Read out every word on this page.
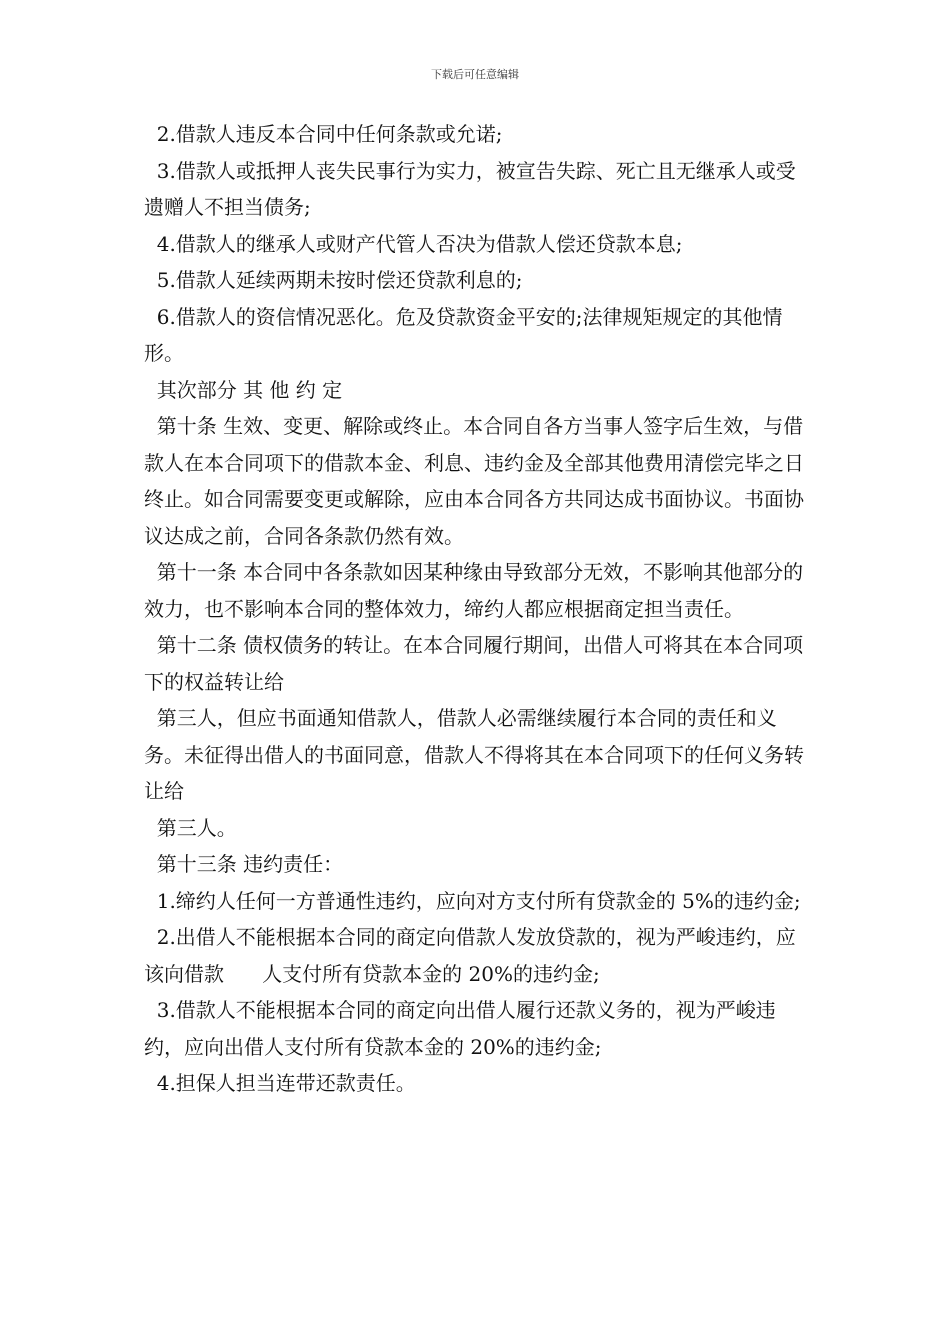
下载后可任意编辑

2.借款人违反本合同中任何条款或允诺;

3.借款人或抵押人丧失民事行为实力，被宣告失踪、死亡且无继承人或受遗赠人不担当债务;

4.借款人的继承人或财产代管人否决为借款人偿还贷款本息;

5.借款人延续两期未按时偿还贷款利息的;

6.借款人的资信情况恶化。危及贷款资金平安的;法律规矩规定的其他情形。

其次部分 其 他 约 定

第十条 生效、变更、解除或终止。本合同自各方当事人签字后生效，与借款人在本合同项下的借款本金、利息、违约金及全部其他费用清偿完毕之日终止。如合同需要变更或解除，应由本合同各方共同达成书面协议。书面协议达成之前，合同各条款仍然有效。

第十一条 本合同中各条款如因某种缘由导致部分无效，不影响其他部分的效力，也不影响本合同的整体效力，缔约人都应根据商定担当责任。

第十二条 债权债务的转让。在本合同履行期间，出借人可将其在本合同项下的权益转让给

第三人，但应书面通知借款人，借款人必需继续履行本合同的责任和义务。未征得出借人的书面同意，借款人不得将其在本合同项下的任何义务转让给

第三人。

第十三条 违约责任：

1.缔约人任何一方普通性违约，应向对方支付所有贷款金的 5%的违约金;

2.出借人不能根据本合同的商定向借款人发放贷款的，视为严峻违约，应该向借款      人支付所有贷款本金的 20%的违约金;

3.借款人不能根据本合同的商定向出借人履行还款义务的，视为严峻违约，应向出借人支付所有贷款本金的 20%的违约金;

4.担保人担当连带还款责任。
